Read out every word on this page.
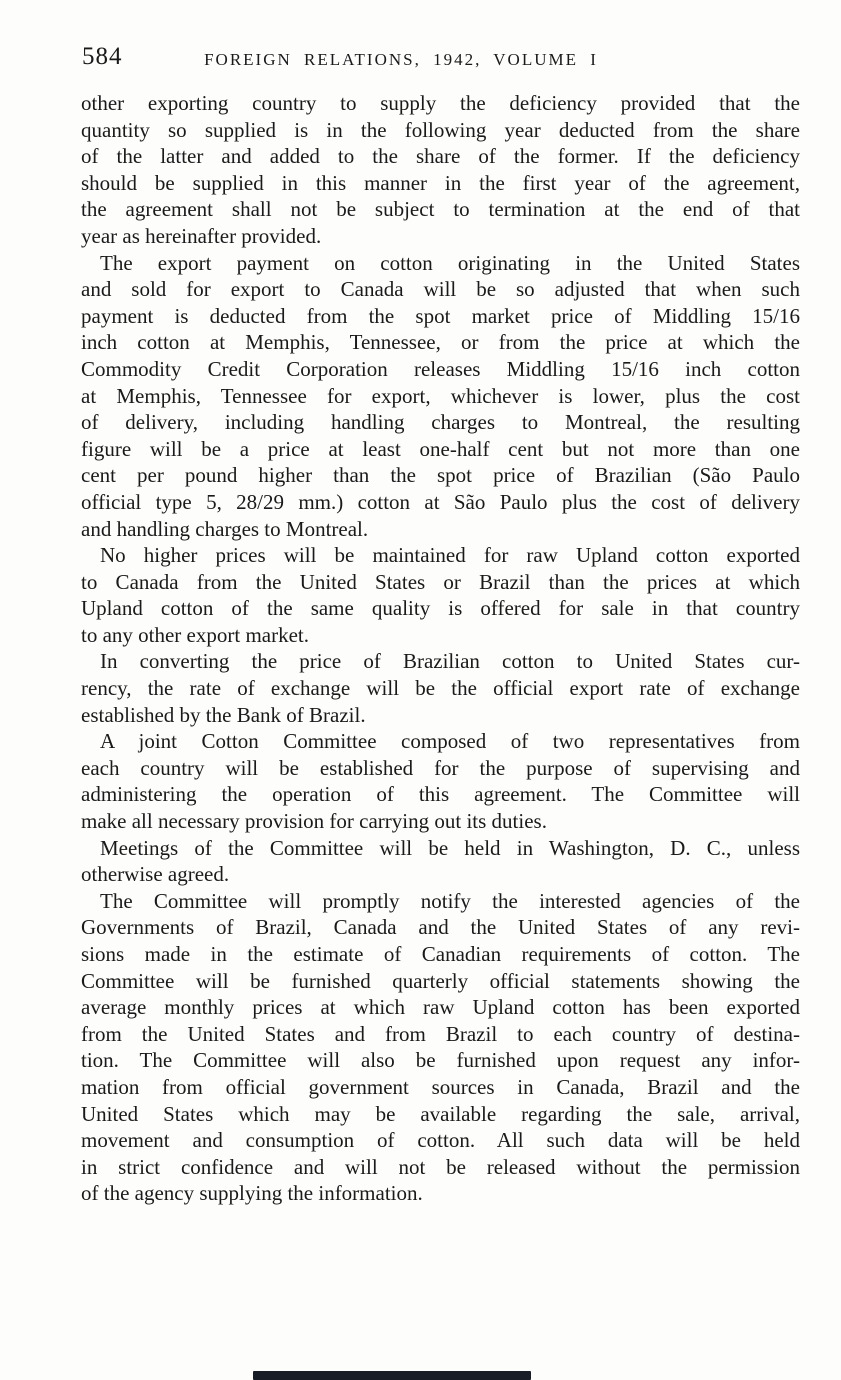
584	FOREIGN RELATIONS, 1942, VOLUME I

other exporting country to supply the deficiency provided that the
quantity so supplied is in the following year deducted from the share
of the latter and added to the share of the former. If the deficiency
should be supplied in this manner in the first year of the agreement,
the agreement shall not be subject to termination at the end of that
year as hereinafter provided.

The export payment on cotton originating in the United States
and sold for export to Canada will be so adjusted that when such
payment is deducted from the spot market price of Middling 15/16
inch cotton at Memphis, Tennessee, or from the price at which the
Commodity Credit Corporation releases Middling 15/16 inch cotton
at Memphis, Tennessee for export, whichever is lower, plus the cost
of delivery, including handling charges to Montreal, the resulting
figure will be a price at least one-half cent but not more than one
cent per pound higher than the spot price of Brazilian (São Paulo
official type 5, 28/29 mm.) cotton at São Paulo plus the cost of delivery
and handling charges to Montreal.

No higher prices will be maintained for raw Upland cotton exported
to Canada from the United States or Brazil than the prices at which
Upland cotton of the same quality is offered for sale in that country
to any other export market.

In converting the price of Brazilian cotton to United States cur-
rency, the rate of exchange will be the official export rate of exchange
established by the Bank of Brazil.

A joint Cotton Committee composed of two representatives from
each country will be established for the purpose of supervising and
administering the operation of this agreement. The Committee will
make all necessary provision for carrying out its duties.

Meetings of the Committee will be held in Washington, D. C., unless
otherwise agreed.

The Committee will promptly notify the interested agencies of the
Governments of Brazil, Canada and the United States of any revi-
sions made in the estimate of Canadian requirements of cotton. The
Committee will be furnished quarterly official statements showing the
average monthly prices at which raw Upland cotton has been exported
from the United States and from Brazil to each country of destina-
tion. The Committee will also be furnished upon request any infor-
mation from official government sources in Canada, Brazil and the
United States which may be available regarding the sale, arrival,
movement and consumption of cotton. All such data will be held
in strict confidence and will not be released without the permission
of the agency supplying the information.
